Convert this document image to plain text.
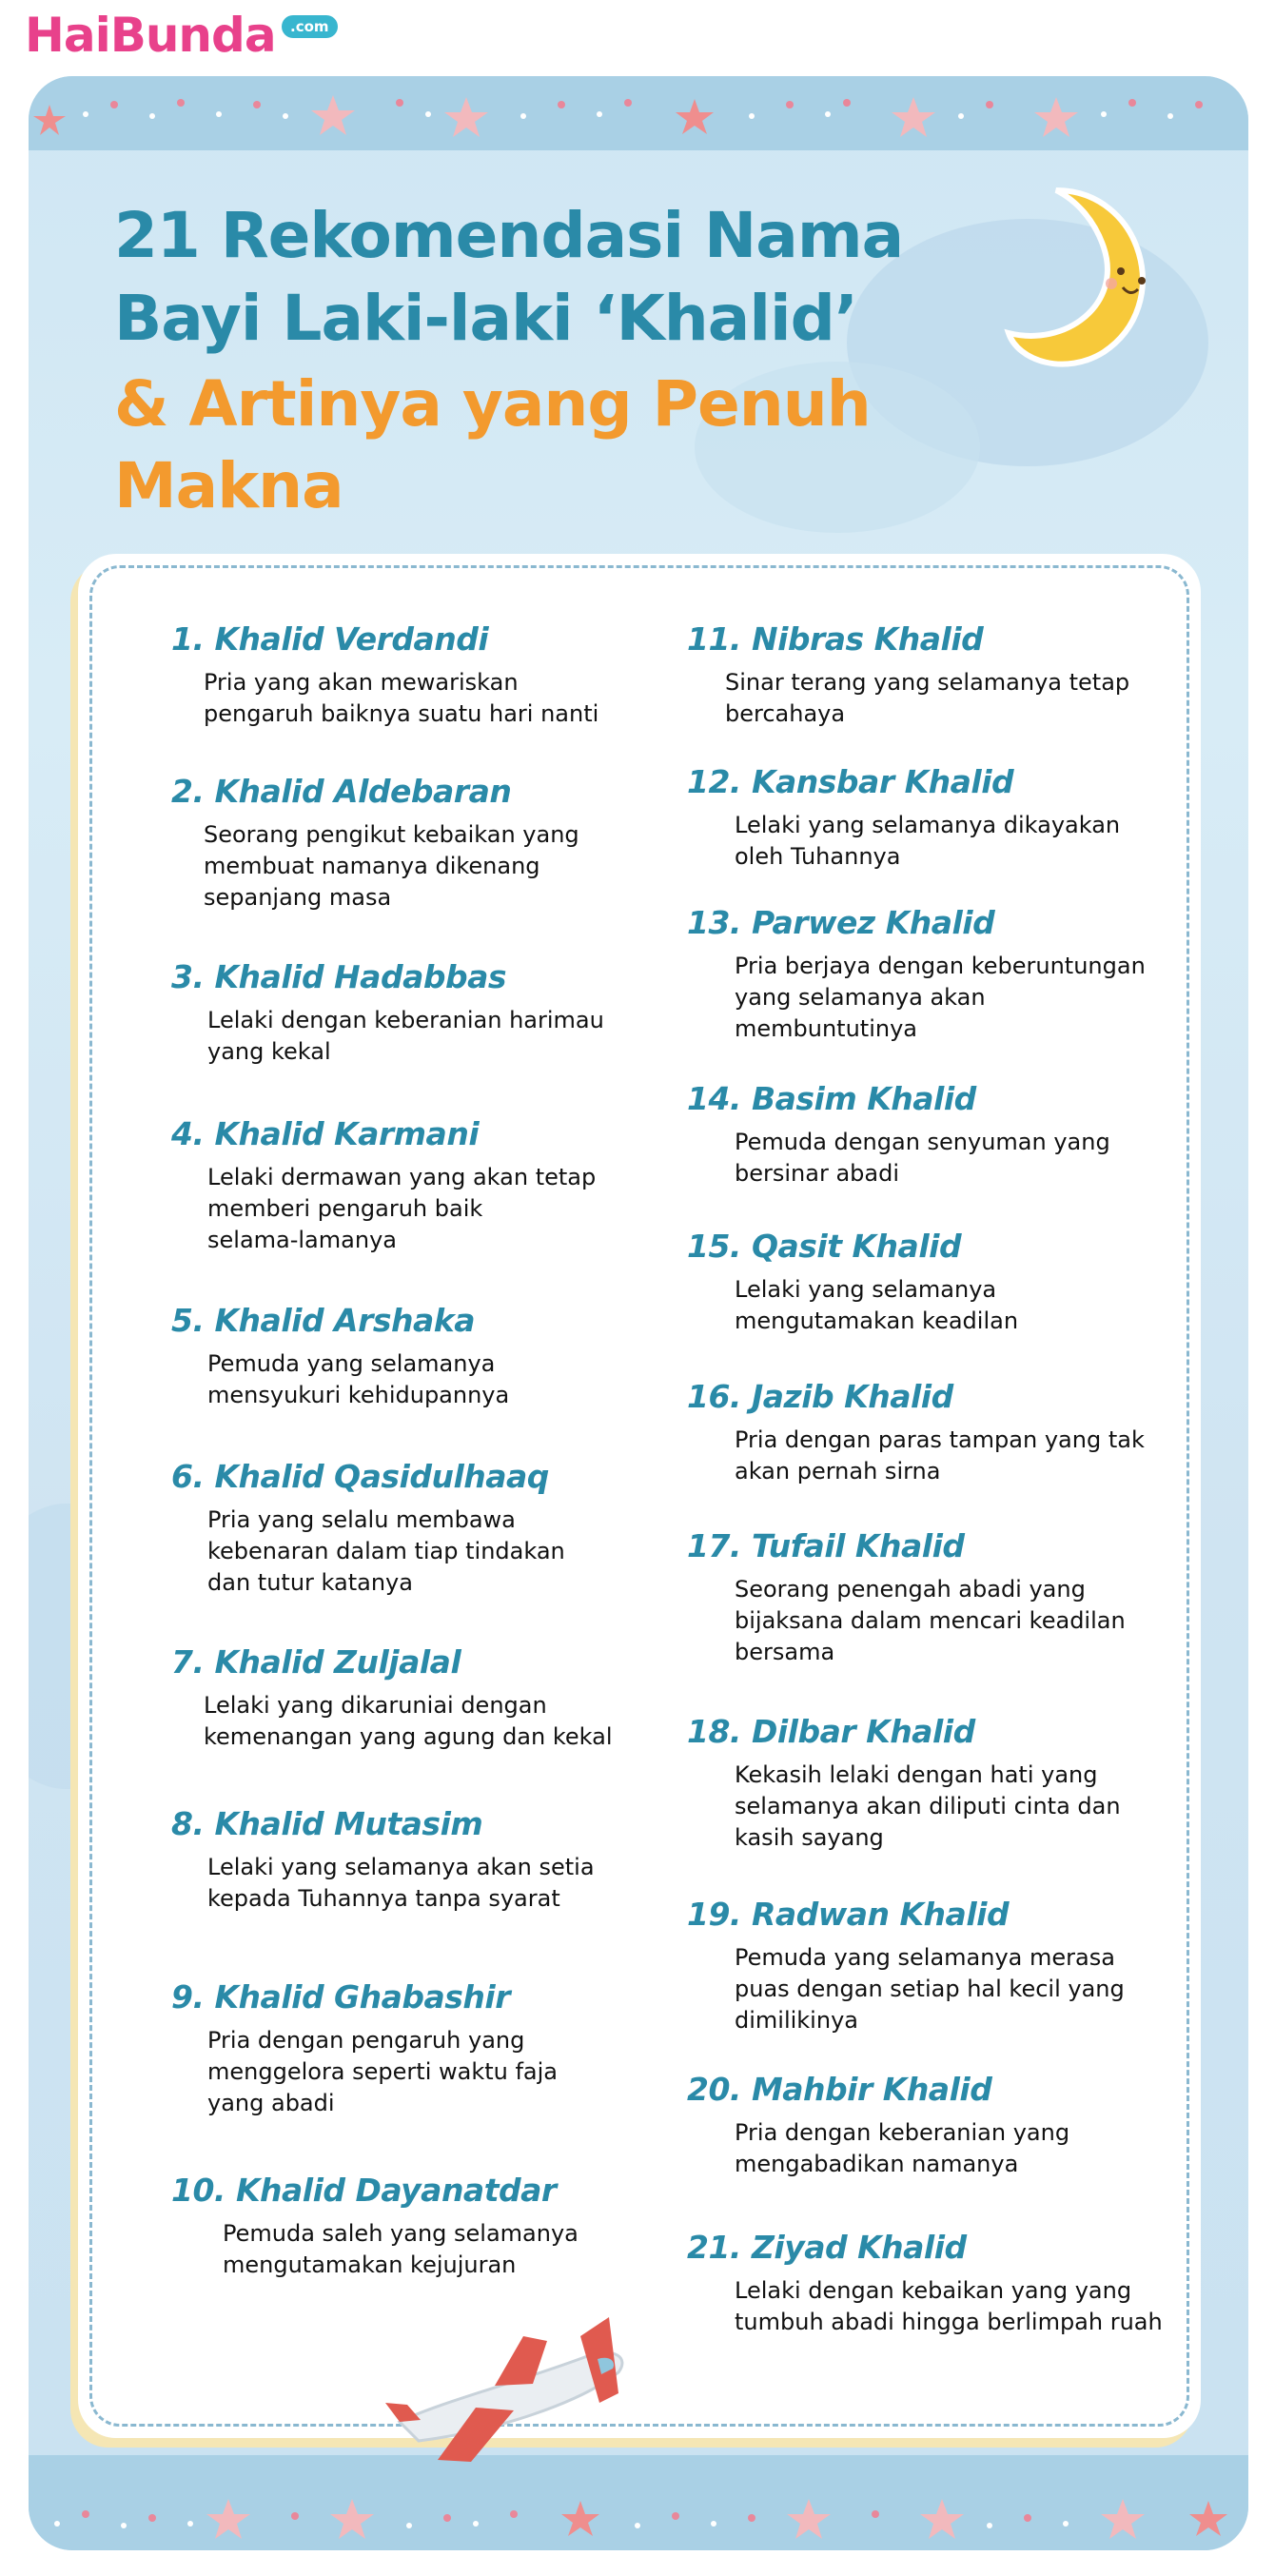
HaiBunda	.com
21 Rekomendasi Nama
Bayi Laki-laki ‘Khalid’
& Artinya yang Penuh Makna
1. Khalid Verdandi
Pria yang akan mewariskan
pengaruh baiknya suatu hari nanti
2. Khalid Aldebaran
Seorang pengikut kebaikan yang
membuat namanya dikenang
sepanjang masa
3. Khalid Hadabbas
Lelaki dengan keberanian harimau
yang kekal
4. Khalid Karmani
Lelaki dermawan yang akan tetap
memberi pengaruh baik
selama-lamanya
5. Khalid Arshaka
Pemuda yang selamanya
mensyukuri kehidupannya
6. Khalid Qasidulhaaq
Pria yang selalu membawa
kebenaran dalam tiap tindakan
dan tutur katanya
7. Khalid Zuljalal
Lelaki yang dikaruniai dengan
kemenangan yang agung dan kekal
8. Khalid Mutasim
Lelaki yang selamanya akan setia
kepada Tuhannya tanpa syarat
9. Khalid Ghabashir
Pria dengan pengaruh yang
menggelora seperti waktu faja
yang abadi
10. Khalid Dayanatdar
Pemuda saleh yang selamanya
mengutamakan kejujuran
11. Nibras Khalid
Sinar terang yang selamanya tetap
bercahaya
12. Kansbar Khalid
Lelaki yang selamanya dikayakan
oleh Tuhannya
13. Parwez Khalid
Pria berjaya dengan keberuntungan
yang selamanya akan
membuntutinya
14. Basim Khalid
Pemuda dengan senyuman yang
bersinar abadi
15. Qasit Khalid
Lelaki yang selamanya
mengutamakan keadilan
16. Jazib Khalid
Pria dengan paras tampan yang tak
akan pernah sirna
17. Tufail Khalid
Seorang penengah abadi yang
bijaksana dalam mencari keadilan
bersama
18. Dilbar Khalid
Kekasih lelaki dengan hati yang
selamanya akan diliputi cinta dan
kasih sayang
19. Radwan Khalid
Pemuda yang selamanya merasa
puas dengan setiap hal kecil yang
dimilikinya
20. Mahbir Khalid
Pria dengan keberanian yang
mengabadikan namanya
21. Ziyad Khalid
Lelaki dengan kebaikan yang yang
tumbuh abadi hingga berlimpah ruah
